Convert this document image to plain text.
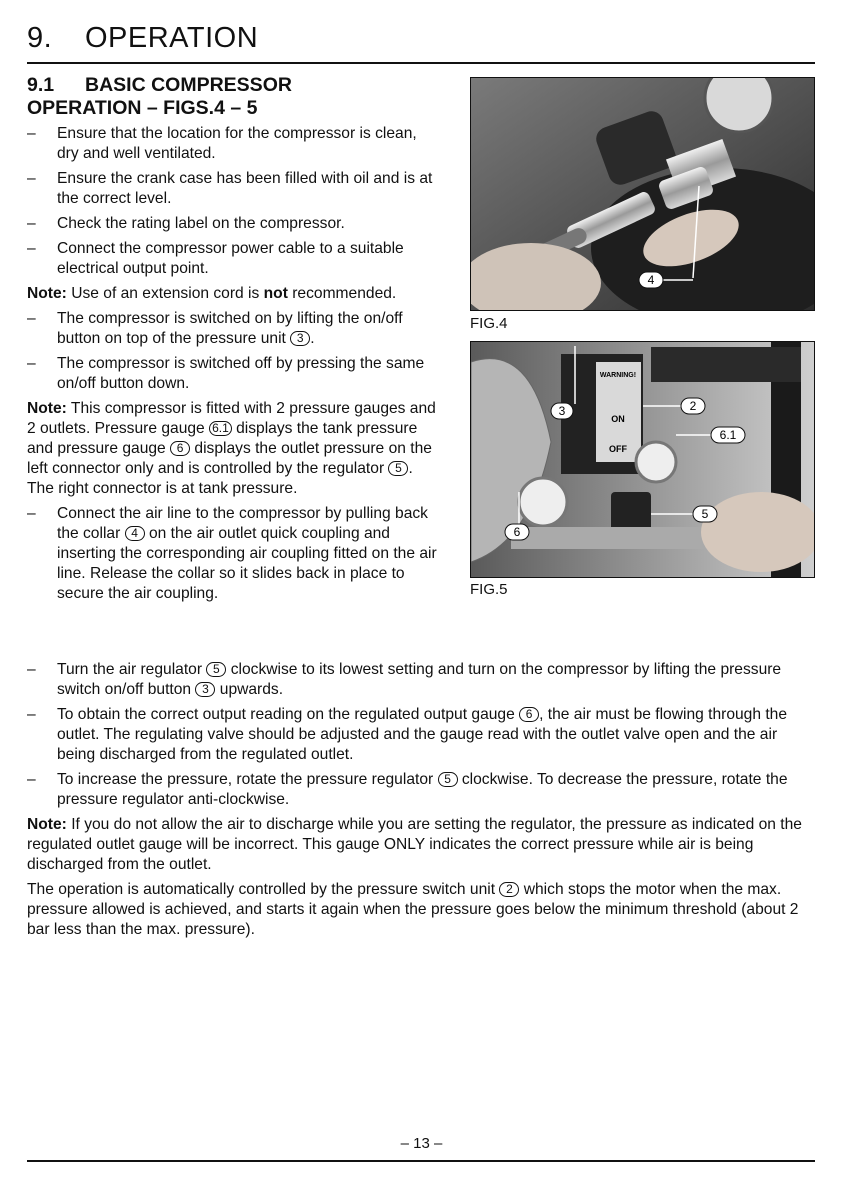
9. OPERATION
9.1 BASIC COMPRESSOR
OPERATION – FIGS.4 – 5
– Ensure that the location for the compressor is clean, dry and well ventilated.
– Ensure the crank case has been filled with oil and is at the correct level.
– Check the rating label on the compressor.
– Connect the compressor power cable to a suitable electrical output point.
Note: Use of an extension cord is not recommended.
– The compressor is switched on by lifting the on/off button on top of the pressure unit 3 .
– The compressor is switched off by pressing the same on/off button down.
Note: This compressor is fitted with 2 pressure gauges and 2 outlets. Pressure gauge 6.1 displays the tank pressure and pressure gauge 6 displays the outlet pressure on the left connector only and is controlled by the regulator 5 . The right connector is at tank pressure.
– Connect the air line to the compressor by pulling back the collar 4 on the air outlet quick coupling and inserting the corresponding air coupling fitted on the air line. Release the collar so it slides back in place to secure the air coupling.
– Turn the air regulator 5 clockwise to its lowest setting and turn on the compressor by lifting the pressure switch on/off button 3 upwards.
– To obtain the correct output reading on the regulated output gauge 6 , the air must be flowing through the outlet. The regulating valve should be adjusted and the gauge read with the outlet valve open and the air being discharged from the regulated outlet.
– To increase the pressure, rotate the pressure regulator 5 clockwise. To decrease the pressure, rotate the pressure regulator anti-clockwise.
Note: If you do not allow the air to discharge while you are setting the regulator, the pressure as indicated on the regulated outlet gauge will be incorrect. This gauge ONLY indicates the correct pressure while air is being discharged from the outlet.
The operation is automatically controlled by the pressure switch unit 2 which stops the motor when the max. pressure allowed is achieved, and starts it again when the pressure goes below the minimum threshold (about 2 bar less than the max. pressure).
4
FIG.4
WARNING!
ON
OFF
3	2
6.1
5
6
FIG.5
– 13 –
